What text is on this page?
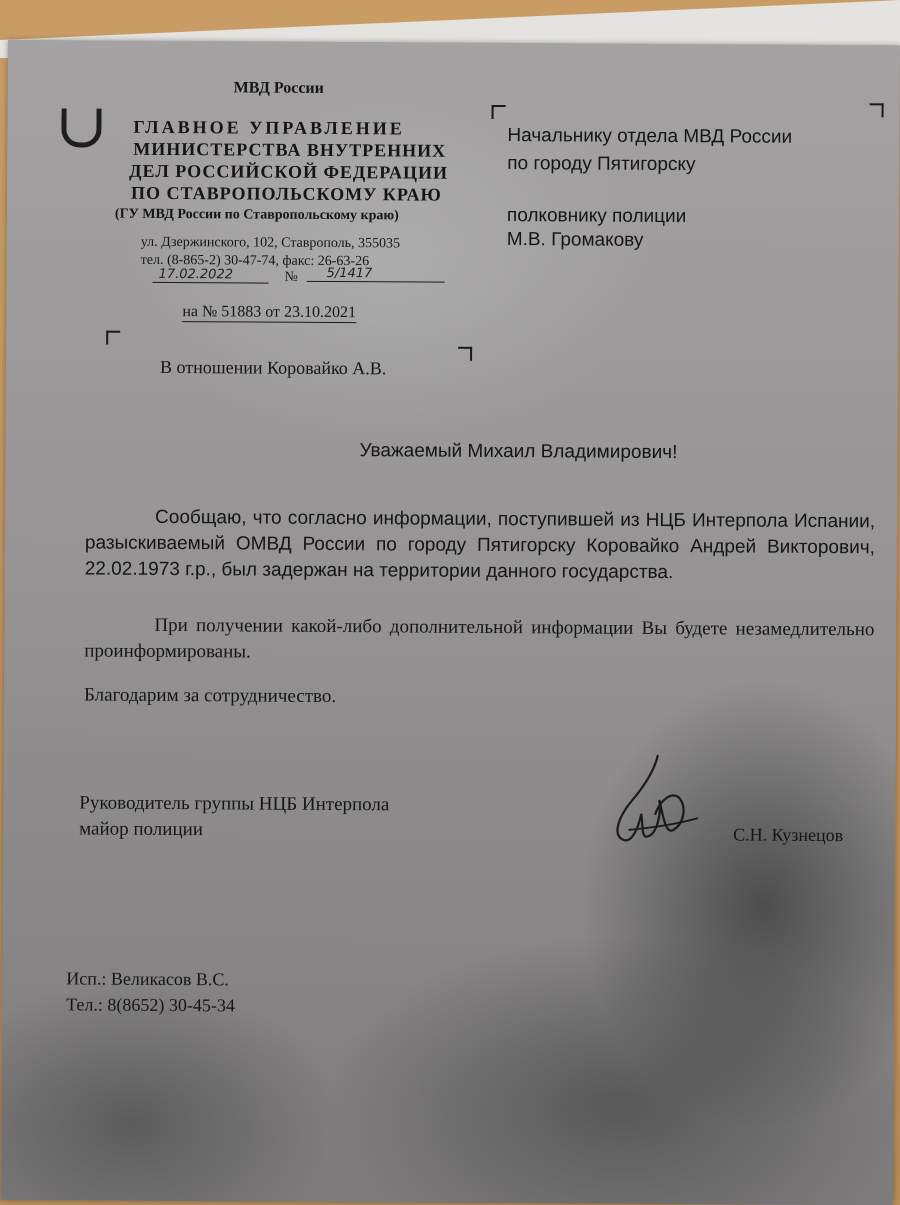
МВД России
ГЛАВНОЕ УПРАВЛЕНИЕ
МИНИСТЕРСТВА ВНУТРЕННИХ
ДЕЛ РОССИЙСКОЙ ФЕДЕРАЦИИ
ПО СТАВРОПОЛЬСКОМУ КРАЮ
(ГУ МВД России по Ставропольскому краю)
ул. Дзержинского, 102, Ставрополь, 355035
тел. (8-865-2) 30-47-74, факс: 26-63-26
17.02.2022	№	5/1417
на № 51883 от 23.10.2021
Начальнику отдела МВД России
по городу Пятигорску
полковнику полиции
М.В. Громакову
В отношении Коровайко А.В.
Уважаемый Михаил Владимирович!
Сообщаю, что согласно информации, поступившей из НЦБ Интерпола Испании, разыскиваемый ОМВД России по городу Пятигорску Коровайко Андрей Викторович, 22.02.1973 г.р., был задержан на территории данного государства.
При получении какой-либо дополнительной информации Вы будете незамедлительно проинформированы.
Благодарим за сотрудничество.
Руководитель группы НЦБ Интерпола
майор полиции	С.Н. Кузнецов
Исп.: Великасов В.С.
Тел.: 8(8652) 30-45-34
